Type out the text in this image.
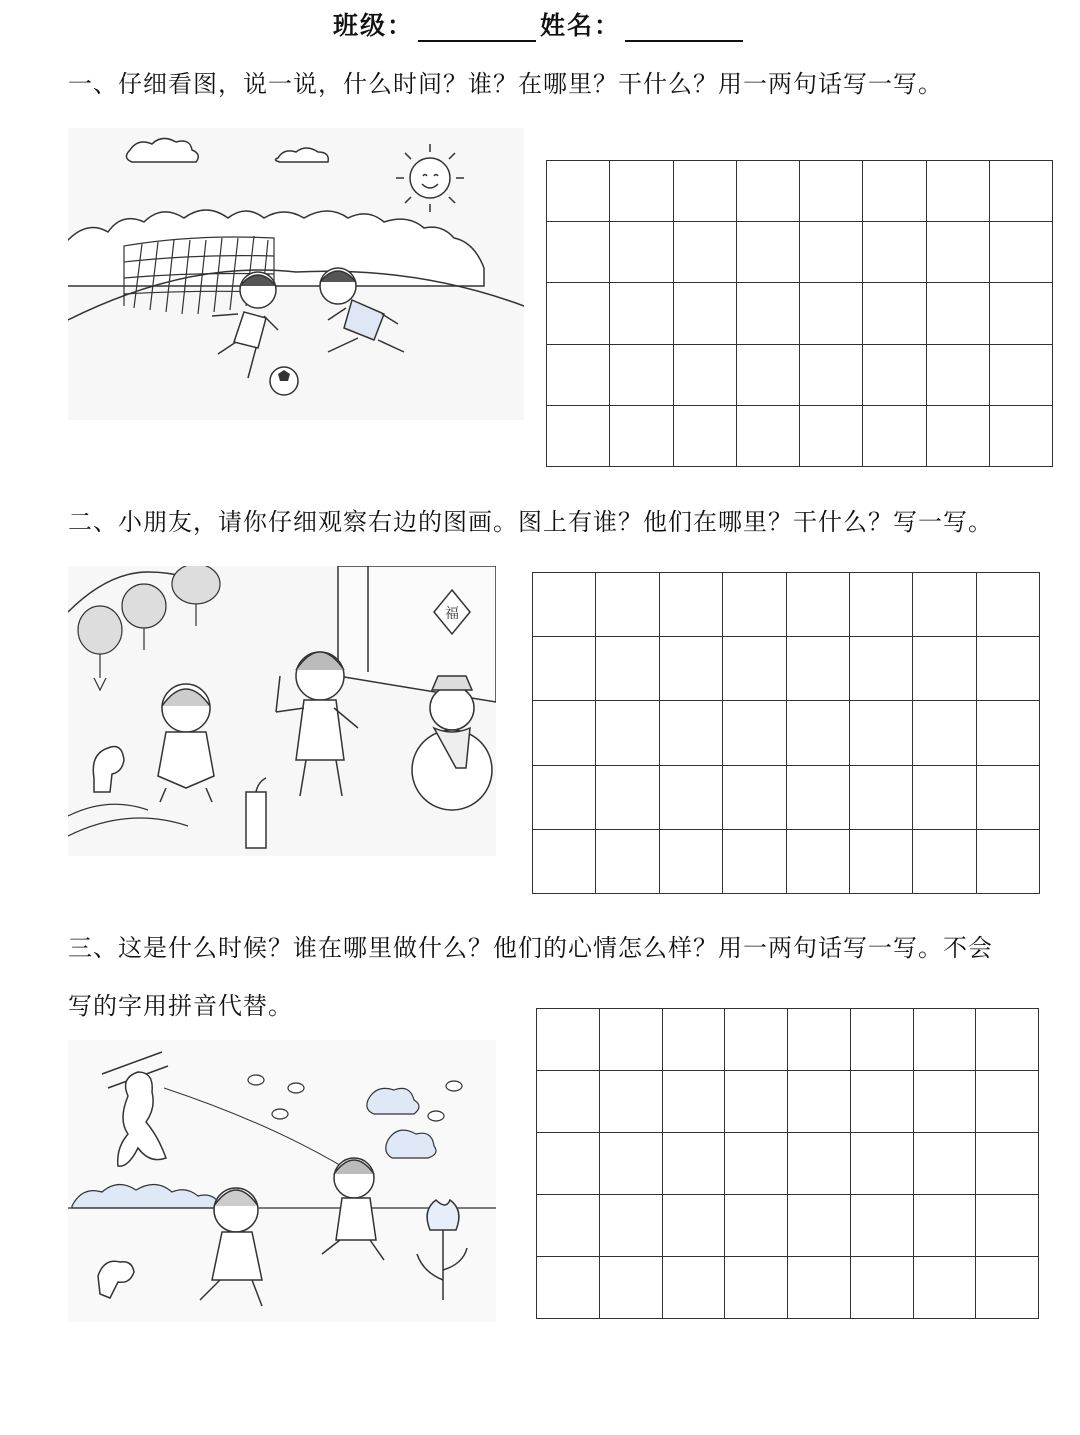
班级：	姓名：
一、仔细看图，说一说，什么时间？谁？在哪里？干什么？用一两句话写一写。

二、小朋友，请你仔细观察右边的图画。图上有谁？他们在哪里？干什么？写一写。
福

三、这是什么时候？谁在哪里做什么？他们的心情怎么样？用一两句话写一写。不会
写的字用拼音代替。
